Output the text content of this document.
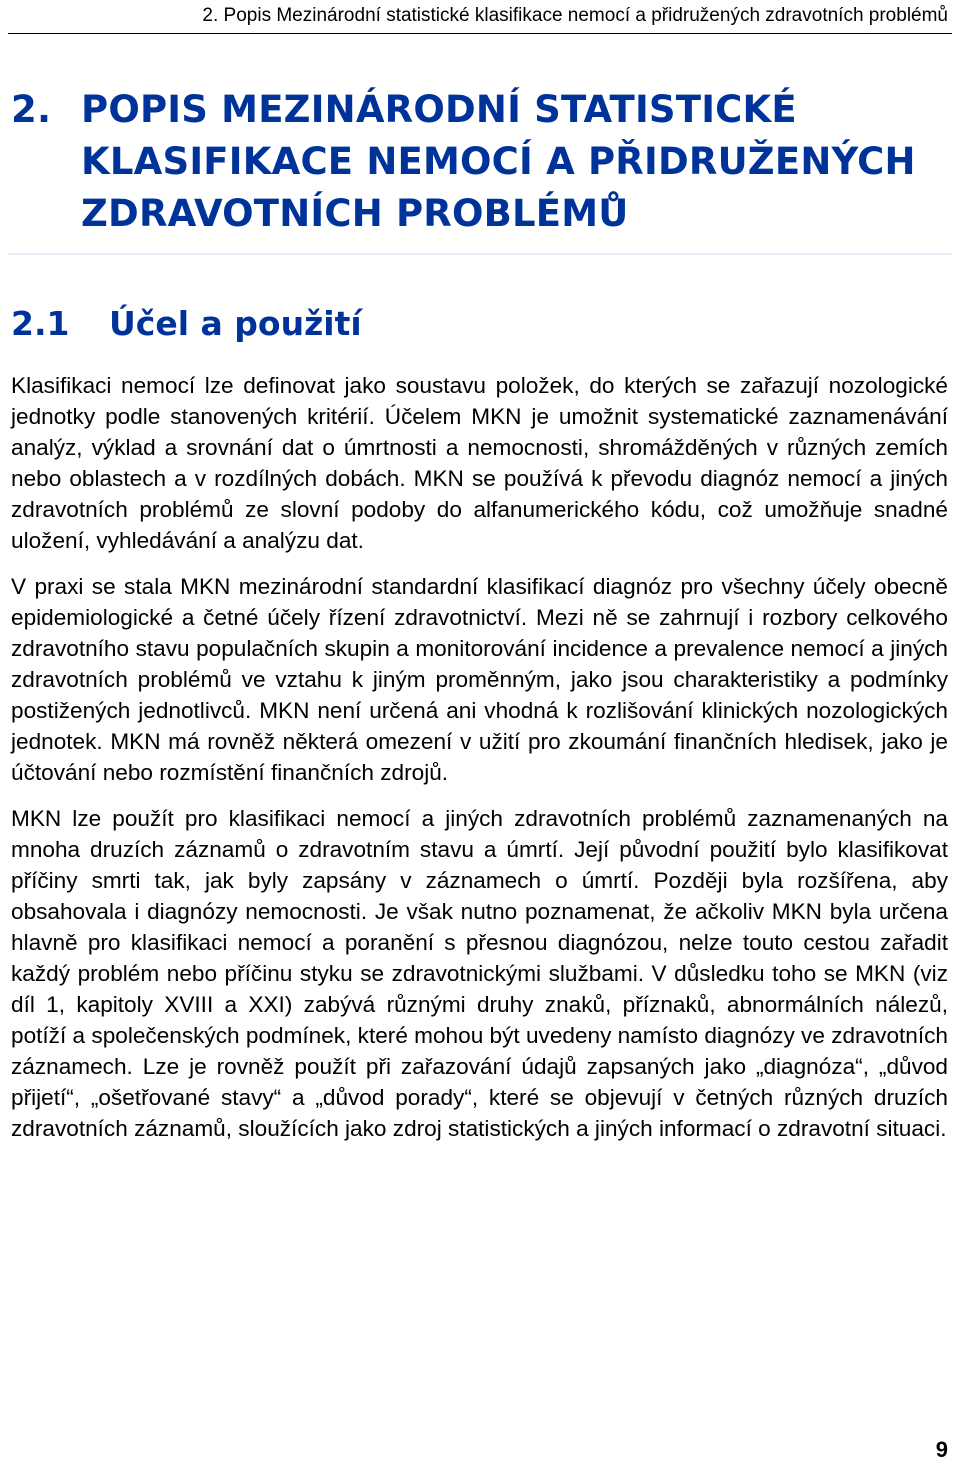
2. Popis Mezinárodní statistické klasifikace nemocí a přidružených zdravotních problémů
2. POPIS MEZINÁRODNÍ STATISTICKÉ KLASIFIKACE NEMOCÍ A PŘIDRUŽENÝCH ZDRAVOTNÍCH PROBLÉMŮ
2.1 Účel a použití

Klasifikaci nemocí lze definovat jako soustavu položek, do kterých se zařazují nozologické jednotky podle stanovených kritérií. Účelem MKN je umožnit systematické zaznamenávání analýz, výklad a srovnání dat o úmrtnosti a nemocnosti, shromážděných v různých zemích nebo oblastech a v rozdílných dobách. MKN se používá k převodu diagnóz nemocí a jiných zdravotních problémů ze slovní podoby do alfanumerického kódu, což umožňuje snadné uložení, vyhledávání a analýzu dat.

V praxi se stala MKN mezinárodní standardní klasifikací diagnóz pro všechny účely obecně epidemiologické a četné účely řízení zdravotnictví. Mezi ně se zahrnují i rozbory celkového zdravotního stavu populačních skupin a monitorování incidence a prevalence nemocí a jiných zdravotních problémů ve vztahu k jiným proměnným, jako jsou charakteristiky a podmínky postižených jednotlivců. MKN není určená ani vhodná k rozlišování klinických nozologických jednotek. MKN má rovněž některá omezení v užití pro zkoumání finančních hledisek, jako je účtování nebo rozmístění finančních zdrojů.

MKN lze použít pro klasifikaci nemocí a jiných zdravotních problémů zaznamenaných na mnoha druzích záznamů o zdravotním stavu a úmrtí. Její původní použití bylo klasifikovat příčiny smrti tak, jak byly zapsány v záznamech o úmrtí. Později byla rozšířena, aby obsahovala i diagnózy nemocnosti. Je však nutno poznamenat, že ačkoliv MKN byla určena hlavně pro klasifikaci nemocí a poranění s přesnou diagnózou, nelze touto cestou zařadit každý problém nebo příčinu styku se zdravotnickými službami. V důsledku toho se MKN (viz díl 1, kapitoly XVIII a XXI) zabývá různými druhy znaků, příznaků, abnormálních nálezů, potíží a společenských podmínek, které mohou být uvedeny namísto diagnózy ve zdravotních záznamech. Lze je rovněž použít při zařazování údajů zapsaných jako „diagnóza“, „důvod přijetí“, „ošetřované stavy“ a „důvod porady“, které se objevují v četných různých druzích zdravotních záznamů, sloužících jako zdroj statistických a jiných informací o zdravotní situaci.

9
